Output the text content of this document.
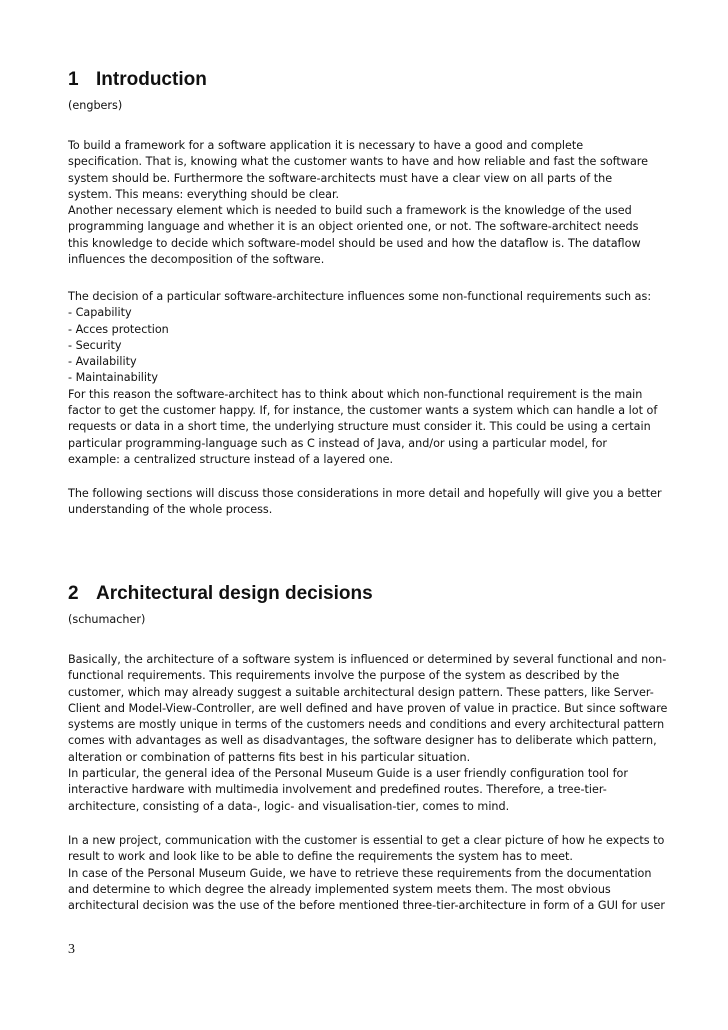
1 Introduction
(engbers)
To build a framework for a software application it is necessary to have a good and complete
specification. That is, knowing what the customer wants to have and how reliable and fast the software
system should be. Furthermore the software-architects must have a clear view on all parts of the
system. This means: everything should be clear.
Another necessary element which is needed to build such a framework is the knowledge of the used
programming language and whether it is an object oriented one, or not. The software-architect needs
this knowledge to decide which software-model should be used and how the dataflow is. The dataflow
influences the decomposition of the software.
The decision of a particular software-architecture influences some non-functional requirements such as:
- Capability
- Acces protection
- Security
- Availability
- Maintainability
For this reason the software-architect has to think about which non-functional requirement is the main
factor to get the customer happy. If, for instance, the customer wants a system which can handle a lot of
requests or data in a short time, the underlying structure must consider it. This could be using a certain
particular programming-language such as C instead of Java, and/or using a particular model, for
example: a centralized structure instead of a layered one.
The following sections will discuss those considerations in more detail and hopefully will give you a better
understanding of the whole process.
2 Architectural design decisions
(schumacher)
Basically, the architecture of a software system is influenced or determined by several functional and non-
functional requirements. This requirements involve the purpose of the system as described by the
customer, which may already suggest a suitable architectural design pattern. These patters, like Server-
Client and Model-View-Controller, are well defined and have proven of value in practice. But since software
systems are mostly unique in terms of the customers needs and conditions and every architectural pattern
comes with advantages as well as disadvantages, the software designer has to deliberate which pattern,
alteration or combination of patterns fits best in his particular situation.
In particular, the general idea of the Personal Museum Guide is a user friendly configuration tool for
interactive hardware with multimedia involvement and predefined routes. Therefore, a tree-tier-
architecture, consisting of a data-, logic- and visualisation-tier, comes to mind.
In a new project, communication with the customer is essential to get a clear picture of how he expects to
result to work and look like to be able to define the requirements the system has to meet.
In case of the Personal Museum Guide, we have to retrieve these requirements from the documentation
and determine to which degree the already implemented system meets them. The most obvious
architectural decision was the use of the before mentioned three-tier-architecture in form of a GUI for user
3
